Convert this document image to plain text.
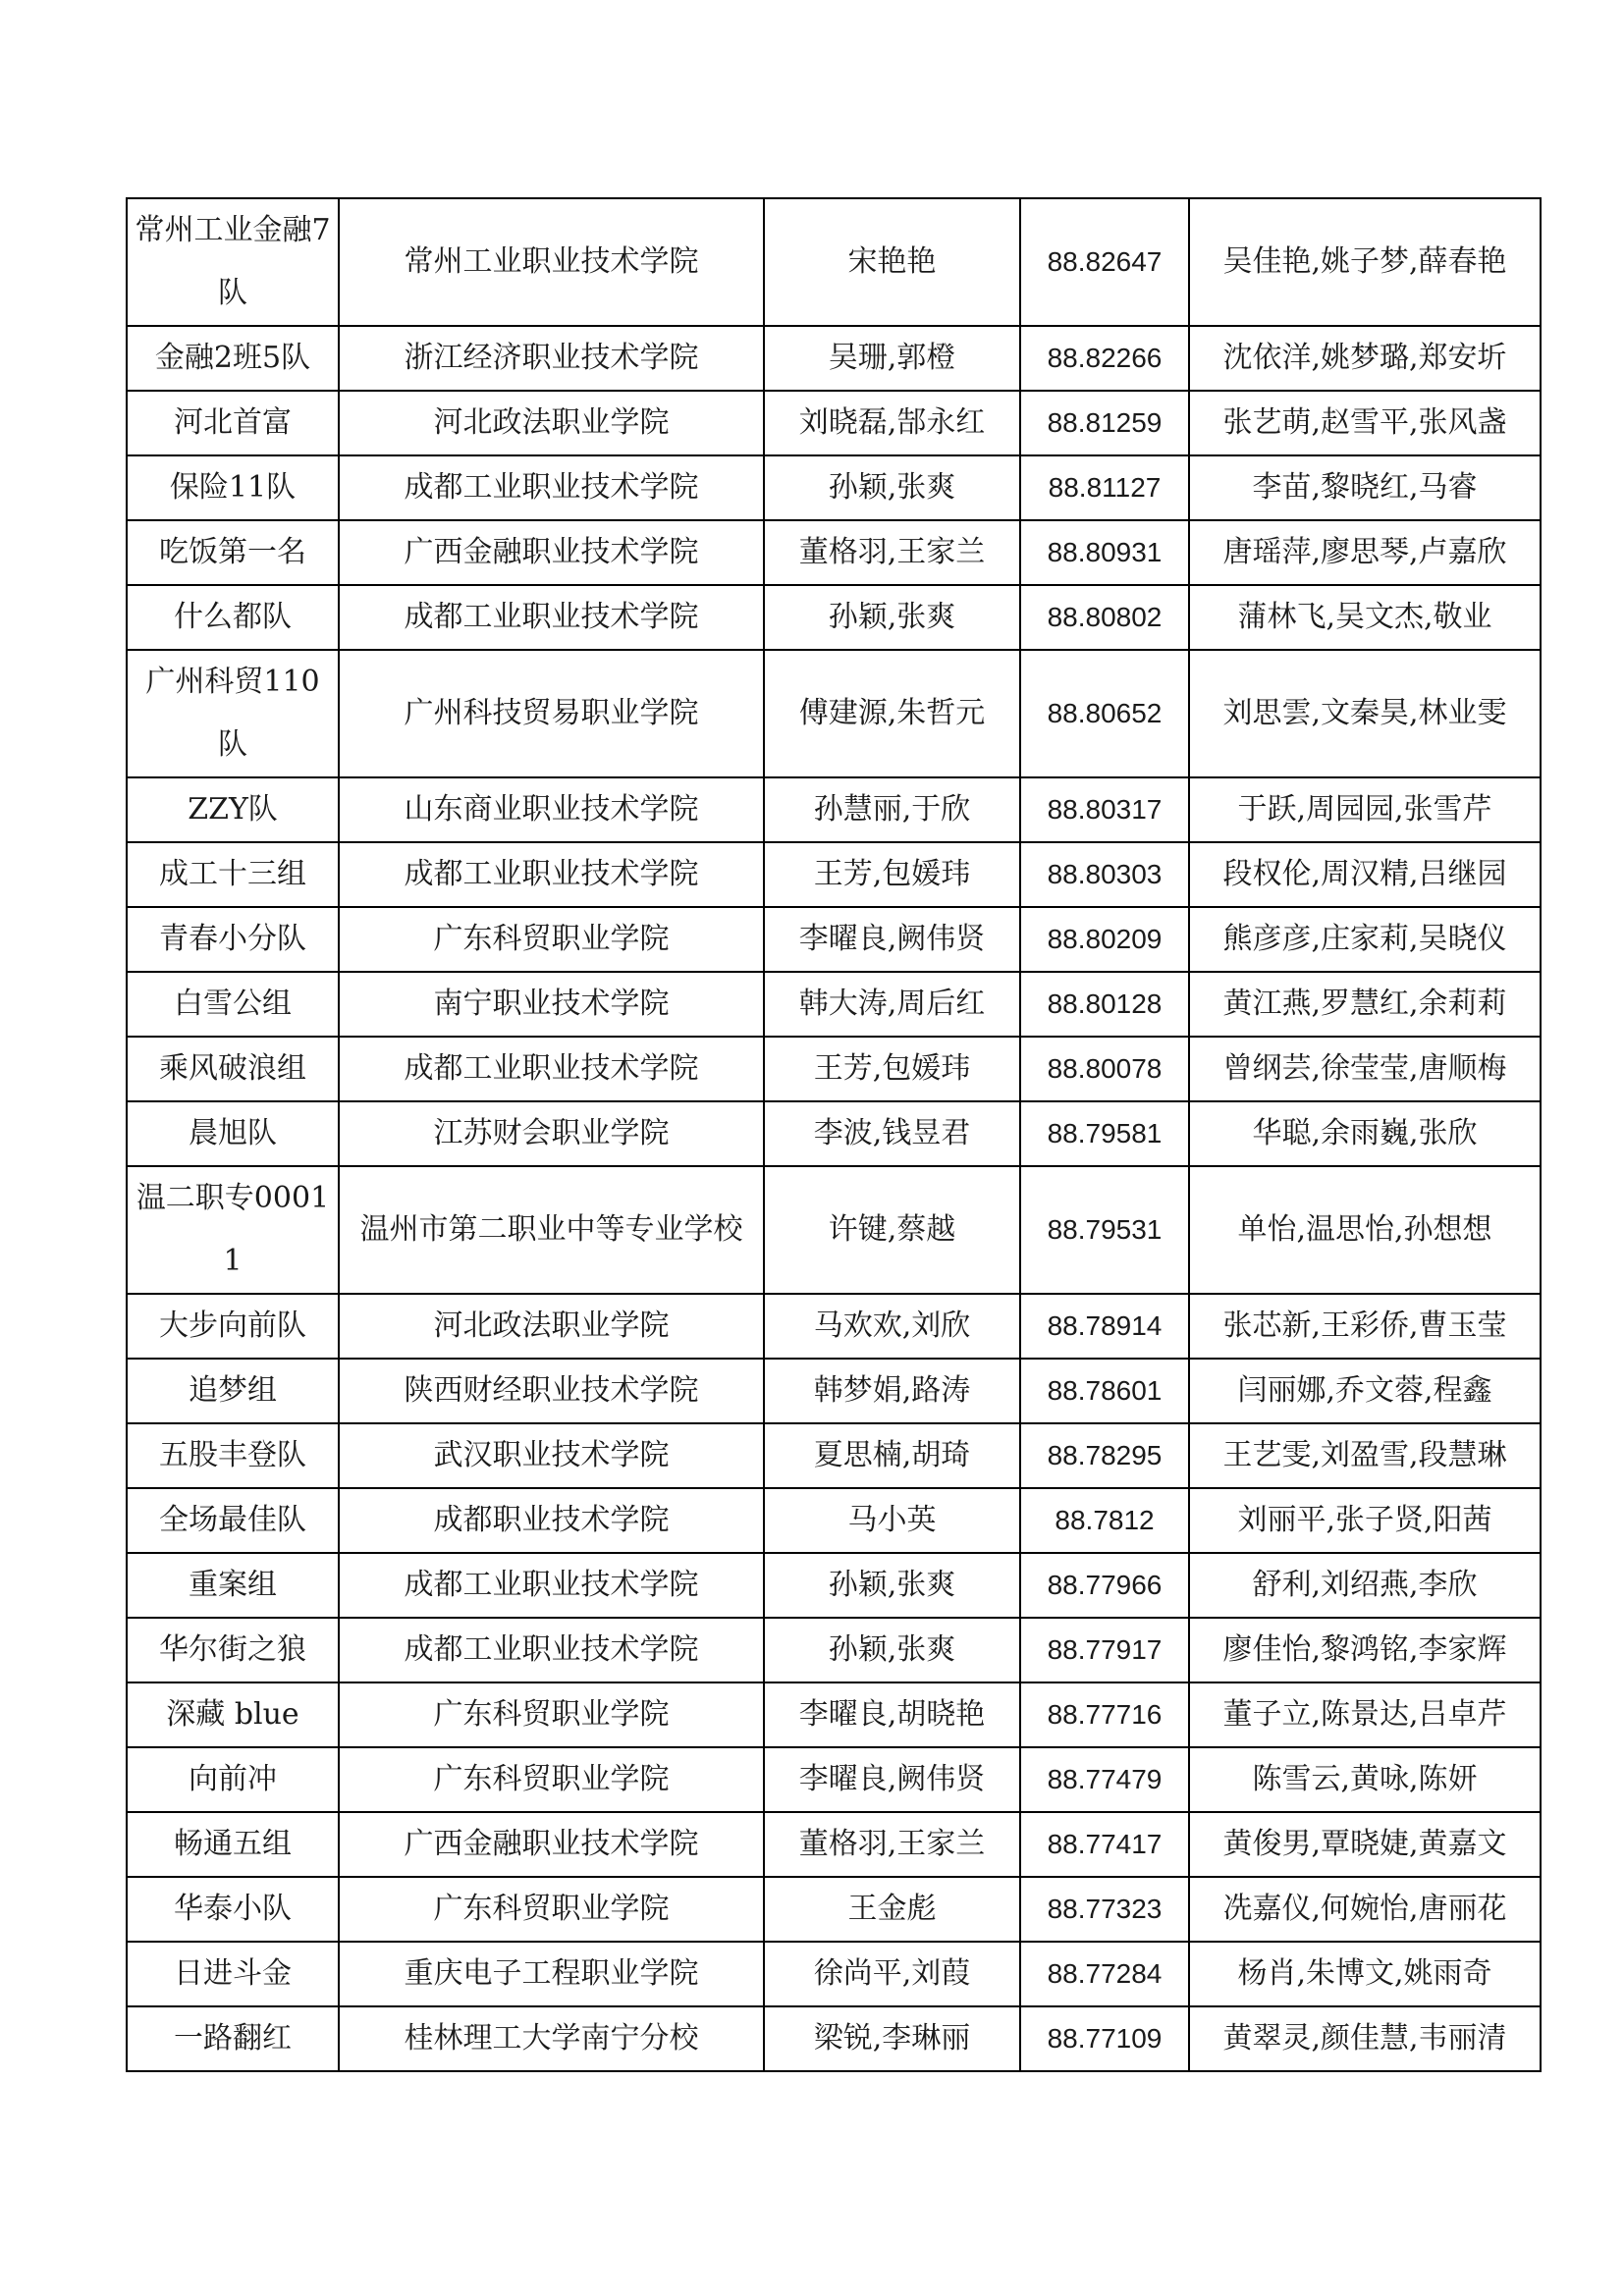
常州工业金融7队	常州工业职业技术学院	宋艳艳	88.82647	吴佳艳,姚子梦,薛春艳
金融2班5队	浙江经济职业技术学院	吴珊,郭橙	88.82266	沈依洋,姚梦璐,郑安圻
河北首富	河北政法职业学院	刘晓磊,郜永红	88.81259	张艺萌,赵雪平,张风盏
保险11队	成都工业职业技术学院	孙颖,张爽	88.81127	李苗,黎晓红,马睿
吃饭第一名	广西金融职业技术学院	董格羽,王家兰	88.80931	唐瑶萍,廖思琴,卢嘉欣
什么都队	成都工业职业技术学院	孙颖,张爽	88.80802	蒲林飞,吴文杰,敬业
广州科贸110队	广州科技贸易职业学院	傅建源,朱哲元	88.80652	刘思雲,文秦昊,林业雯
ZZY队	山东商业职业技术学院	孙慧丽,于欣	88.80317	于跃,周园园,张雪芹
成工十三组	成都工业职业技术学院	王芳,包媛玮	88.80303	段权伦,周汉精,吕继园
青春小分队	广东科贸职业学院	李曜良,阙伟贤	88.80209	熊彦彦,庄家莉,吴晓仪
白雪公组	南宁职业技术学院	韩大涛,周后红	88.80128	黄江燕,罗慧红,余莉莉
乘风破浪组	成都工业职业技术学院	王芳,包媛玮	88.80078	曾纲芸,徐莹莹,唐顺梅
晨旭队	江苏财会职业学院	李波,钱昱君	88.79581	华聪,余雨巍,张欣
温二职专00011	温州市第二职业中等专业学校	许键,蔡越	88.79531	单怡,温思怡,孙想想
大步向前队	河北政法职业学院	马欢欢,刘欣	88.78914	张芯新,王彩侨,曹玉莹
追梦组	陕西财经职业技术学院	韩梦娟,路涛	88.78601	闫丽娜,乔文蓉,程鑫
五股丰登队	武汉职业技术学院	夏思楠,胡琦	88.78295	王艺雯,刘盈雪,段慧琳
全场最佳队	成都职业技术学院	马小英	88.7812	刘丽平,张子贤,阳茜
重案组	成都工业职业技术学院	孙颖,张爽	88.77966	舒利,刘绍燕,李欣
华尔街之狼	成都工业职业技术学院	孙颖,张爽	88.77917	廖佳怡,黎鸿铭,李家辉
深藏 blue	广东科贸职业学院	李曜良,胡晓艳	88.77716	董子立,陈景达,吕卓芹
向前冲	广东科贸职业学院	李曜良,阙伟贤	88.77479	陈雪云,黄咏,陈妍
畅通五组	广西金融职业技术学院	董格羽,王家兰	88.77417	黄俊男,覃晓婕,黄嘉文
华泰小队	广东科贸职业学院	王金彪	88.77323	冼嘉仪,何婉怡,唐丽花
日进斗金	重庆电子工程职业学院	徐尚平,刘葭	88.77284	杨肖,朱博文,姚雨奇
一路翻红	桂林理工大学南宁分校	梁锐,李琳丽	88.77109	黄翠灵,颜佳慧,韦丽清
